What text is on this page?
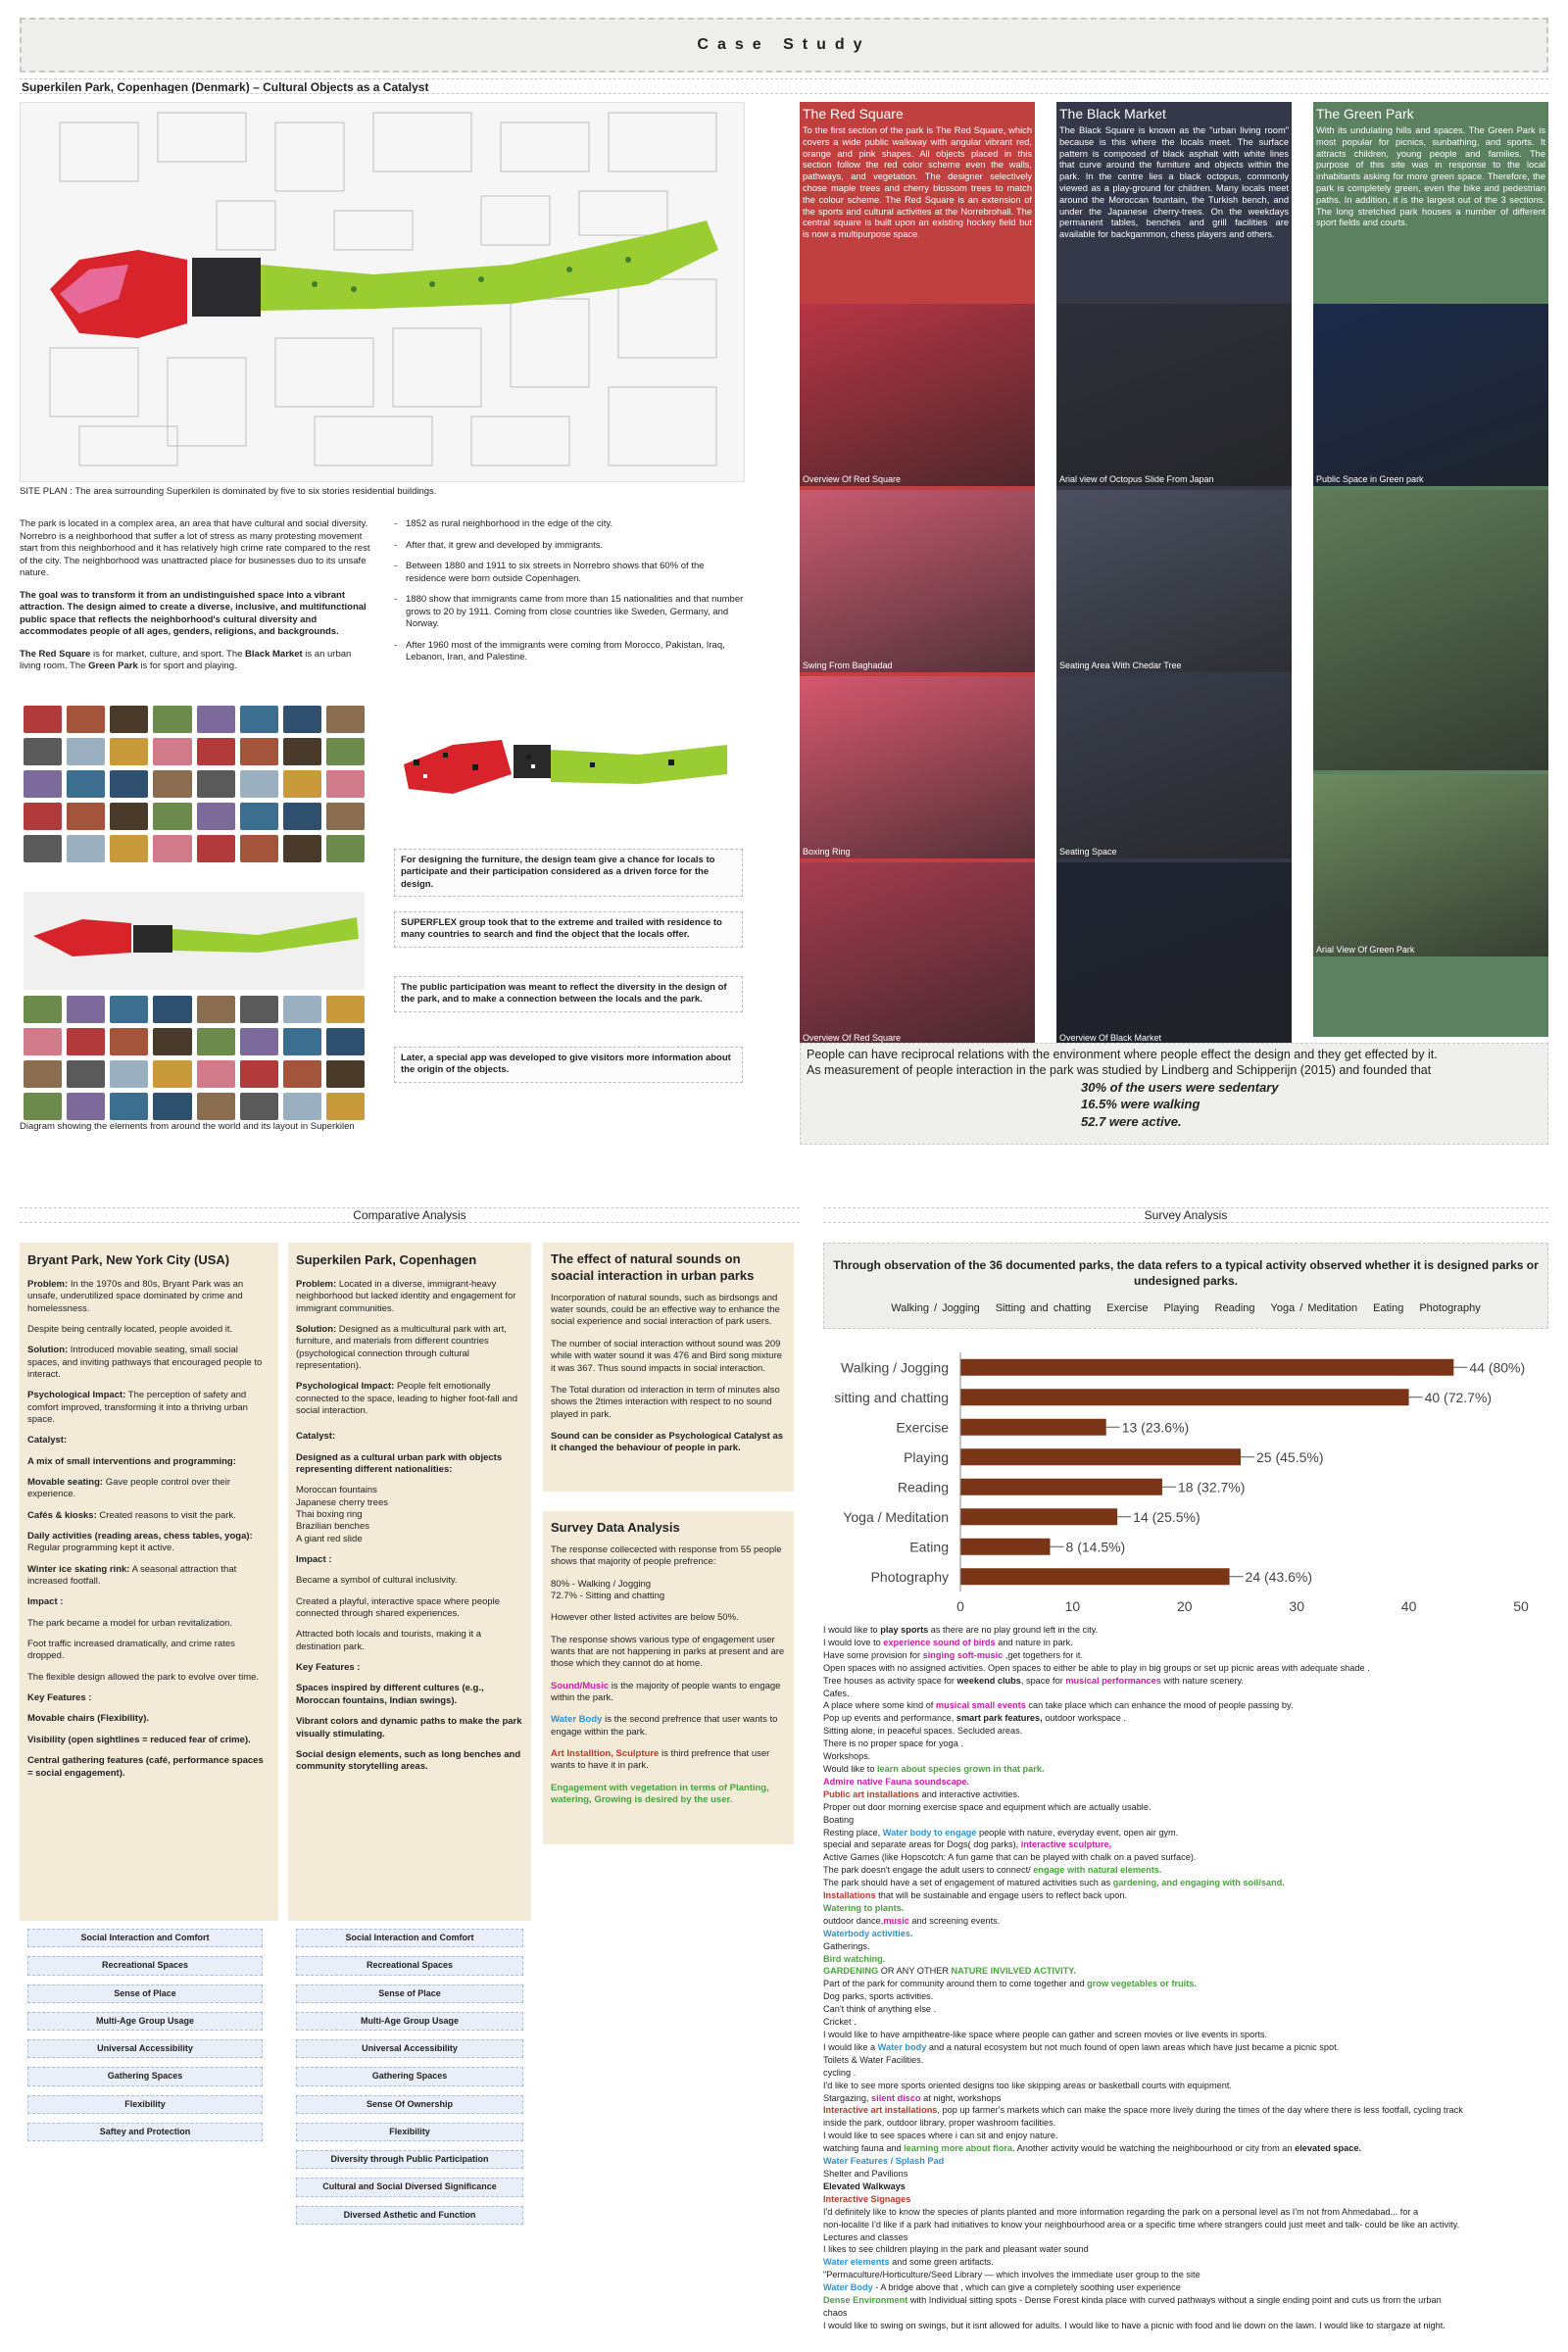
Case Study
Superkilen Park, Copenhagen (Denmark) – Cultural Objects as a Catalyst
SITE PLAN : The area surrounding Superkilen is dominated by five to six stories residential buildings.

The park is located in a complex area, an area that have cultural and social diversity. Norrebro is a neighborhood that suffer a lot of stress as many protesting movement start from this neighborhood and it has relatively high crime rate compared to the rest of the city. The neighborhood was unattracted place for businesses duo to its unsafe nature.

The goal was to transform it from an undistinguished space into a vibrant attraction. The design aimed to create a diverse, inclusive, and multifunctional public space that reflects the neighborhood's cultural diversity and accommodates people of all ages, genders, religions, and backgrounds.

The Red Square is for market, culture, and sport. The Black Market is an urban living room. The Green Park is for sport and playing.

- 1852 as rural neighborhood in the edge of the city.
- After that, it grew and developed by immigrants.
- Between 1880 and 1911 to six streets in Norrebro shows that 60% of the residence were born outside Copenhagen.
- 1880 show that immigrants came from more than 15 nationalities and that number grows to 20 by 1911. Coming from close countries like Sweden, Germany, and Norway.
- After 1960 most of the immigrants were coming from Morocco, Pakistan, Iraq, Lebanon, Iran, and Palestine.
Diagram showing the elements from around the world and its layout in Superkilen
For designing the furniture, the design team give a chance for locals to participate and their participation considered as a driven force for the design.
SUPERFLEX group took that to the extreme and trailed with residence to many countries to search and find the object that the locals offer.
The public participation was meant to reflect the diversity in the design of the park, and to make a connection between the locals and the park.
Later, a special app was developed to give visitors more information about the origin of the objects.
The Red Square
To the first section of the park is The Red Square, which covers a wide public walkway with angular vibrant red, orange and pink shapes. All objects placed in this section follow the red color scheme even the walls, pathways, and vegetation. The designer selectively chose maple trees and cherry blossom trees to match the colour scheme. The Red Square is an extension of the sports and cultural activities at the Norrebrohall. The central square is built upon an existing hockey field but is now a multipurpose space.
Overview Of Red Square
Swing From Baghadad
Boxing Ring
Overview Of Red Square
The Black Market
The Black Square is known as the "urban living room" because is this where the locals meet. The surface pattern is composed of black asphalt with white lines that curve around the furniture and objects within the park. In the centre lies a black octopus, commonly viewed as a play-ground for children. Many locals meet around the Moroccan fountain, the Turkish bench, and under the Japanese cherry-trees. On the weekdays permanent tables, benches and grill facilities are available for backgammon, chess players and others.
Arial view of Octopus Slide From Japan
Seating Area With Chedar Tree
Seating Space
Overview Of Black Market
The Green Park
With its undulating hills and spaces. The Green Park is most popular for picnics, sunbathing, and sports. It attracts children, young people and families. The purpose of this site was in response to the local inhabitants asking for more green space. Therefore, the park is completely green, even the bike and pedestrian paths. In addition, it is the largest out of the 3 sections. The long stretched park houses a number of different sport fields and courts.
Public Space in Green park
Arial View Of Green Park
People can have reciprocal relations with the environment where people effect the design and they get effected by it.
As measurement of people interaction in the park was studied by Lindberg and Schipperijn (2015) and founded that
30% of the users were sedentary
16.5% were walking
52.7 were active.
Comparative Analysis	Survey Analysis
Bryant Park, New York City (USA)

Problem: In the 1970s and 80s, Bryant Park was an unsafe, underutilized space dominated by crime and homelessness.

Despite being centrally located, people avoided it.

Solution: Introduced movable seating, small social spaces, and inviting pathways that encouraged people to interact.

Psychological Impact: The perception of safety and comfort improved, transforming it into a thriving urban space.

Catalyst:

A mix of small interventions and programming:

Movable seating: Gave people control over their experience.

Cafés & kiosks: Created reasons to visit the park.

Daily activities (reading areas, chess tables, yoga): Regular programming kept it active.

Winter ice skating rink: A seasonal attraction that increased footfall.

Impact :

The park became a model for urban revitalization.

Foot traffic increased dramatically, and crime rates dropped.

The flexible design allowed the park to evolve over time.

Key Features :

Movable chairs (Flexibility).

Visibility (open sightlines = reduced fear of crime).

Central gathering features (café, performance spaces = social engagement).

Superkilen Park, Copenhagen

Problem: Located in a diverse, immigrant-heavy neighborhood but lacked identity and engagement for immigrant communities.

Solution: Designed as a multicultural park with art, furniture, and materials from different countries (psychological connection through cultural representation).

Psychological Impact: People felt emotionally connected to the space, leading to higher foot-fall and social interaction.

Catalyst:

Designed as a cultural urban park with objects representing different nationalities:

Moroccan fountains
Japanese cherry trees
Thai boxing ring
Brazilian benches
A giant red slide

Impact :

Became a symbol of cultural inclusivity.

Created a playful, interactive space where people connected through shared experiences.

Attracted both locals and tourists, making it a destination park.

Key Features :

Spaces inspired by different cultures (e.g., Moroccan fountains, Indian swings).

Vibrant colors and dynamic paths to make the park visually stimulating.

Social design elements, such as long benches and community storytelling areas.

Social Interaction and Comfort
Recreational Spaces
Sense of Place
Multi-Age Group Usage
Universal Accessibility
Gathering Spaces
Flexibility
Saftey and Protection
Social Interaction and Comfort
Recreational Spaces
Sense of Place
Multi-Age Group Usage
Universal Accessibility
Gathering Spaces
Sense Of Ownership
Flexibility
Diversity through Public Participation
Cultural and Social Diversed Significance
Diversed Asthetic and Function
The effect of natural sounds on soacial interaction in urban parks

Incorporation of natural sounds, such as birdsongs and water sounds, could be an effective way to enhance the social experience and social interaction of park users.

The number of social interaction without sound was 209 while with water sound it was 476 and Bird song mixture it was 367. Thus sound impacts in social interaction.

The Total duration od interaction in term of minutes also shows the 2times interaction with respect to no sound played in park.

Sound can be consider as Psychological Catalyst as it changed the behaviour of people in park.

Survey Data Analysis

The response collecected with response from 55 people shows that majority of people prefrence:

80% - Walking / Jogging
72.7% - Sitting and chatting

However other listed activites are below 50%.

The response shows various type of engagement user wants that are not happening in parks at present and are those which they cannot do at home.

Sound/Music is the majority of people wants to engage within the park.

Water Body is the second prefrence that user wants to engage within the park.

Art Installtion, Sculpture is third prefrence that user wants to have it in park.

Engagement with vegetation in terms of Planting, watering, Growing is desired by the user.

Through observation of the 36 documented parks, the data refers to a typical activity observed whether it is designed parks or undesigned parks.
Walking / Jogging Sitting and chatting Exercise Playing Reading Yoga / Meditation Eating Photography
Walking / Jogging	44 (80%)
sitting and chatting	40 (72.7%)
Exercise	13 (23.6%)
Playing	25 (45.5%)
Reading	18 (32.7%)
Yoga / Meditation	14 (25.5%)
Eating	8 (14.5%)
Photography	24 (43.6%)
0	10	20	30	40	50
I would like to play sports as there are no play ground left in the city.
I would love to experience sound of birds and nature in park.
Have some provision for singing soft-music ,get togethers for it.
Open spaces with no assigned activities. Open spaces to either be able to play in big groups or set up picnic areas with adequate shade .
Tree houses as activity space for weekend clubs, space for musical performances with nature scenery.
Cafes.
A place where some kind of musical small events can take place which can enhance the mood of people passing by.
Pop up events and performance, smart park features, outdoor workspace .
Sitting alone, in peaceful spaces. Secluded areas.
There is no proper space for yoga .
Workshops.
Would like to learn about species grown in that park.
Admire native Fauna soundscape.
Public art installations and interactive activities.
Proper out door morning exercise space and equipment which are actually usable.
Boating
Resting place, Water body to engage people with nature, everyday event, open air gym.
special and separate areas for Dogs( dog parks), interactive sculpture,
Active Games (like Hopscotch: A fun game that can be played with chalk on a paved surface).
The park doesn't engage the adult users to connect/ engage with natural elements.
The park should have a set of engagement of matured activities such as gardening, and engaging with soil/sand.
Installations that will be sustainable and engage users to reflect back upon.
Watering to plants.
outdoor dance,music and screening events.
Waterbody activities.
Gatherings.
Bird watching.
GARDENING OR ANY OTHER NATURE INVILVED ACTIVITY.
Part of the park for community around them to come together and grow vegetables or fruits.
Dog parks, sports activities.
Can't think of anything else .
Cricket .
I would like to have ampitheatre-like space where people can gather and screen movies or live events in sports.
I would like a Water body and a natural ecosystem but not much found of open lawn areas which have just became a picnic spot.
Toilets & Water Facilities.
cycling .
I'd like to see more sports oriented designs too like skipping areas or basketball courts with equipment.
Stargazing, silent disco at night, workshops
Interactive art installations, pop up farmer's markets which can make the space more lively during the times of the day where there is less footfall, cycling track
inside the park, outdoor library, proper washroom facilities.
I would like to see spaces where i can sit and enjoy nature.
watching fauna and learning more about flora. Another activity would be watching the neighbourhood or city from an elevated space.
Water Features / Splash Pad
Shelter and Pavilions
Elevated Walkways
Interactive Signages
I'd definitely like to know the species of plants planted and more information regarding the park on a personal level as I'm not from Ahmedabad... for a
non-localite I'd like if a park had initiatives to know your neighbourhood area or a specific time where strangers could just meet and talk- could be like an activity.
Lectures and classes
I likes to see children playing in the park and pleasant water sound
Water elements and some green artifacts.
"Permaculture/Horticulture/Seed Library — which involves the immediate user group to the site
Water Body - A bridge above that , which can give a completely soothing user experience
Dense Environment with Individual sitting spots - Dense Forest kinda place with curved pathways without a single ending point and cuts us from the urban
chaos
I would like to swing on swings, but it isnt allowed for adults. I would like to have a picnic with food and lie down on the lawn. I would like to stargaze at night.
